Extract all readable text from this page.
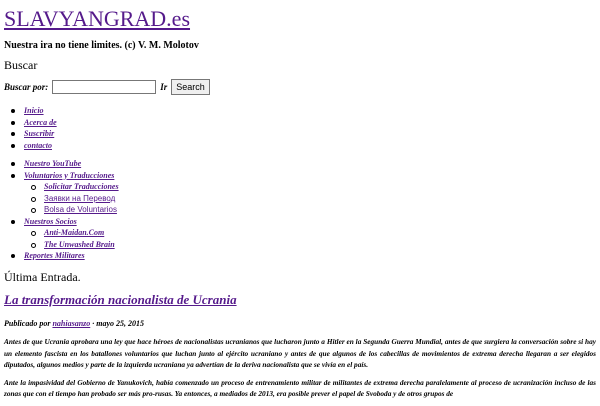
SLAVYANGRAD.es
Nuestra ira no tiene limites. (c) V. M. Molotov
Buscar
Buscar por:	Ir	Search
Inicio
Acerca de
Suscribir
contacto
Nuestro YouTube
Voluntarios y Traducciones
Solicitar Traducciones
Заявки на Перевод
Bolsa de Voluntarios
Nuestros Socios
Anti-Maidan.Com
The Unwashed Brain
Reportes Militares
Última Entrada.
La transformación nacionalista de Ucrania
Publicado por nahiasanzo · mayo 25, 2015

Antes de que Ucrania aprobara una ley que hace héroes de nacionalistas ucranianos que lucharon junto a Hitler en la Segunda Guerra Mundial, antes de que surgiera la conversación sobre si hay un elemento fascista en los batallones voluntarios que luchan junto al ejército ucraniano y antes de que algunos de los cabecillas de movimientos de extrema derecha llegaran a ser elegidos diputados, algunos medios y parte de la izquierda ucraniana ya advertían de la deriva nacionalista que se vivía en el país.

Ante la impasividad del Gobierno de Yanukovich, había comenzado un proceso de entrenamiento militar de militantes de extrema derecha paralelamente al proceso de ucranización incluso de las zonas que con el tiempo han probado ser más pro-rusas. Ya entonces, a mediados de 2013, era posible prever el papel de Svoboda y de otros grupos de
